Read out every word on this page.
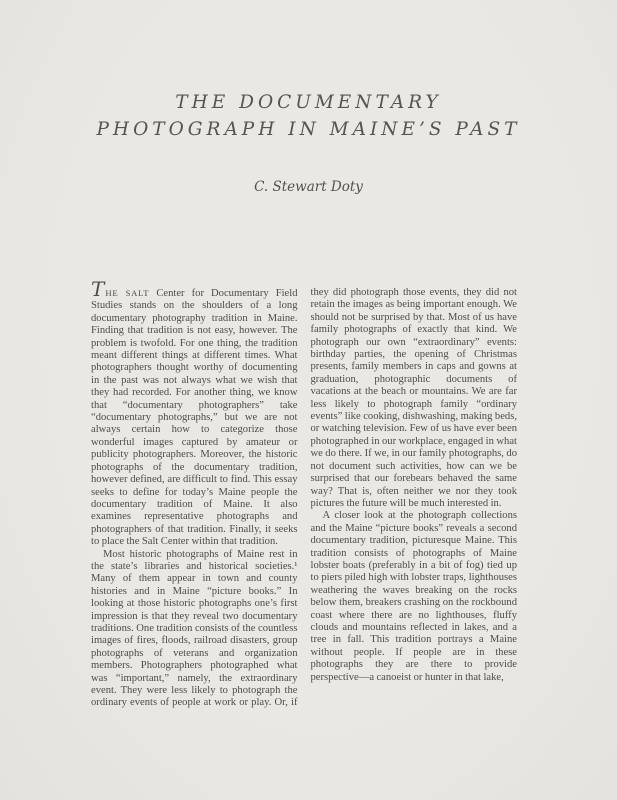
THE DOCUMENTARY
PHOTOGRAPH IN MAINE’S PAST
C. Stewart Doty

THE SALT Center for Documentary Field Studies stands on the shoulders of a long documentary photography tradition in Maine. Finding that tradition is not easy, however. The problem is twofold. For one thing, the tradition meant different things at different times. What photographers thought worthy of documenting in the past was not always what we wish that they had recorded. For another thing, we know that “documentary photographers” take “documentary photographs,” but we are not always certain how to categorize those wonderful images captured by amateur or publicity photographers. Moreover, the historic photographs of the documentary tradition, however defined, are difficult to find. This essay seeks to define for today’s Maine people the documentary tradition of Maine. It also examines representative photographs and photographers of that tradition. Finally, it seeks to place the Salt Center within that tradition.

Most historic photographs of Maine rest in the state’s libraries and historical societies.¹ Many of them appear in town and county histories and in Maine “picture books.” In looking at those historic photographs one’s first impression is that they reveal two documentary traditions. One tradition consists of the countless images of fires, floods, railroad disasters, group photographs of veterans and organization members. Photographers photographed what was “important,” namely, the extraordinary event. They were less likely to photograph the ordinary events of people at work or play. Or, if they did photograph those events, they did not retain the images as being important enough. We should not be surprised by that. Most of us have family photographs of exactly that kind. We photograph our own “extraordinary” events: birthday parties, the opening of Christmas presents, family members in caps and gowns at graduation, photographic documents of vacations at the beach or mountains. We are far less likely to photograph family “ordinary events” like cooking, dishwashing, making beds, or watching television. Few of us have ever been photographed in our workplace, engaged in what we do there. If we, in our family photographs, do not document such activities, how can we be surprised that our forebears behaved the same way? That is, often neither we nor they took pictures the future will be much interested in.

A closer look at the photograph collections and the Maine “picture books” reveals a second documentary tradition, picturesque Maine. This tradition consists of photographs of Maine lobster boats (preferably in a bit of fog) tied up to piers piled high with lobster traps, lighthouses weathering the waves breaking on the rocks below them, breakers crashing on the rockbound coast where there are no lighthouses, fluffy clouds and mountains reflected in lakes, and a tree in fall. This tradition portrays a Maine without people. If people are in these photographs they are there to provide perspective—a canoeist or hunter in that lake,
